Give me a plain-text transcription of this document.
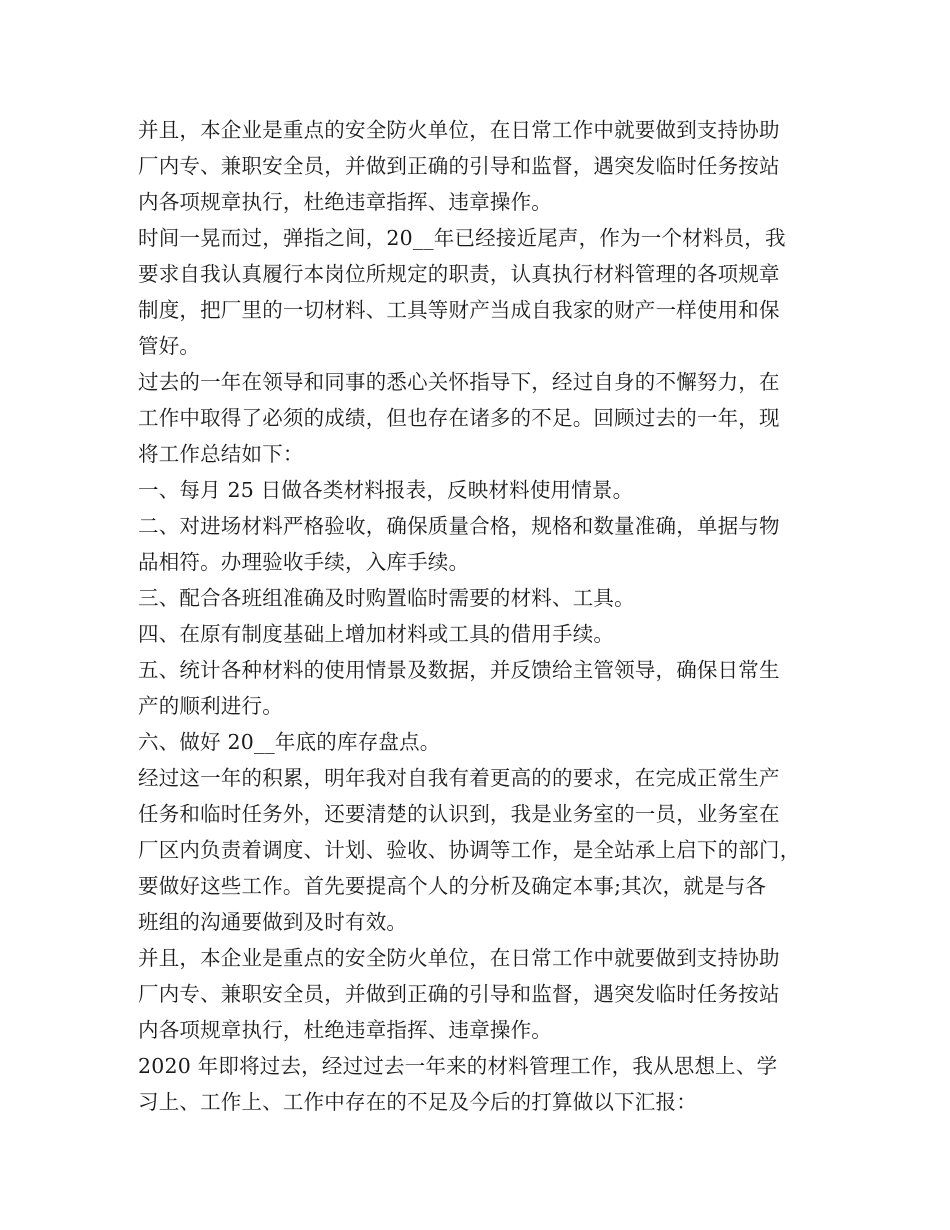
并且，本企业是重点的安全防火单位，在日常工作中就要做到支持协助
厂内专、兼职安全员，并做到正确的引导和监督，遇突发临时任务按站
内各项规章执行，杜绝违章指挥、违章操作。
时间一晃而过，弹指之间，20__年已经接近尾声，作为一个材料员，我
要求自我认真履行本岗位所规定的职责，认真执行材料管理的各项规章
制度，把厂里的一切材料、工具等财产当成自我家的财产一样使用和保
管好。
过去的一年在领导和同事的悉心关怀指导下，经过自身的不懈努力，在
工作中取得了必须的成绩，但也存在诸多的不足。回顾过去的一年，现
将工作总结如下：
一、每月 25 日做各类材料报表，反映材料使用情景。
二、对进场材料严格验收，确保质量合格，规格和数量准确，单据与物
品相符。办理验收手续，入库手续。
三、配合各班组准确及时购置临时需要的材料、工具。
四、在原有制度基础上增加材料或工具的借用手续。
五、统计各种材料的使用情景及数据，并反馈给主管领导，确保日常生
产的顺利进行。
六、做好 20__年底的库存盘点。
经过这一年的积累，明年我对自我有着更高的的要求，在完成正常生产
任务和临时任务外，还要清楚的认识到，我是业务室的一员，业务室在
厂区内负责着调度、计划、验收、协调等工作，是全站承上启下的部门，
要做好这些工作。首先要提高个人的分析及确定本事;其次，就是与各
班组的沟通要做到及时有效。
并且，本企业是重点的安全防火单位，在日常工作中就要做到支持协助
厂内专、兼职安全员，并做到正确的引导和监督，遇突发临时任务按站
内各项规章执行，杜绝违章指挥、违章操作。
2020 年即将过去，经过过去一年来的材料管理工作，我从思想上、学
习上、工作上、工作中存在的不足及今后的打算做以下汇报：
